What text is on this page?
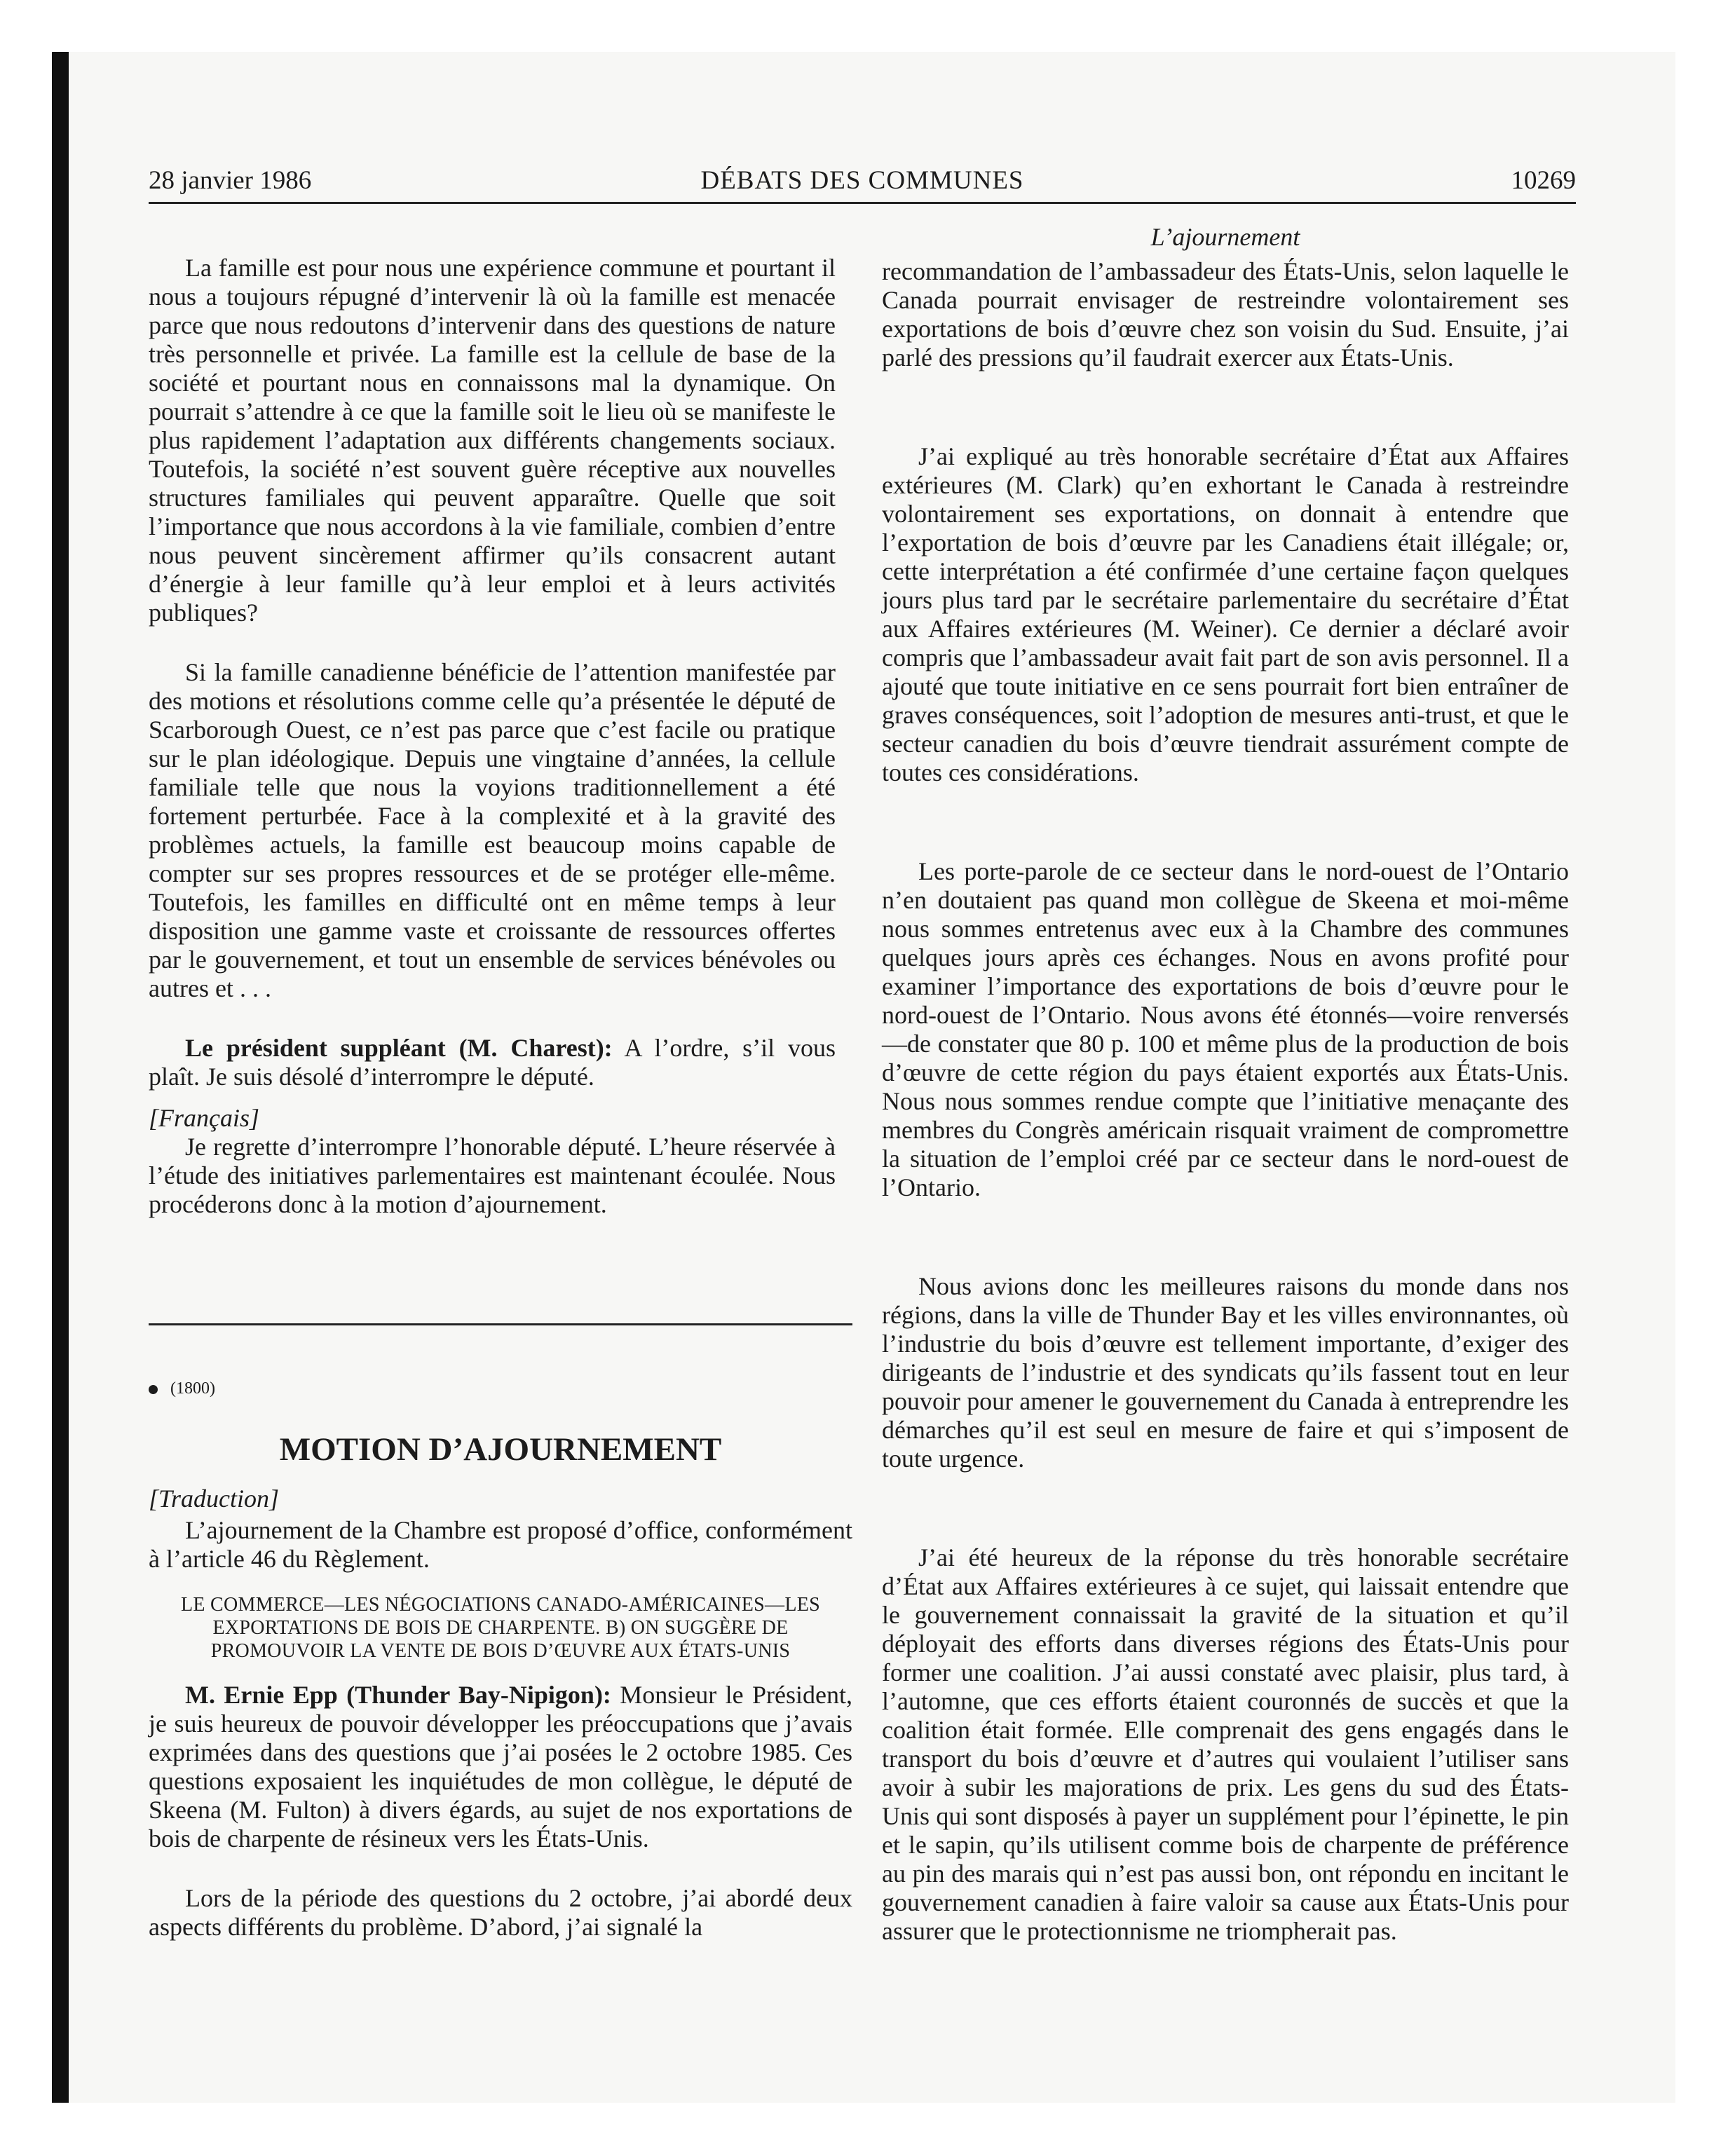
28 janvier 1986	DÉBATS DES COMMUNES	10269

La famille est pour nous une expérience commune et pourtant il nous a toujours répugné d’intervenir là où la famille est menacée parce que nous redoutons d’intervenir dans des questions de nature très personnelle et privée. La famille est la cellule de base de la société et pourtant nous en connaissons mal la dynamique. On pourrait s’attendre à ce que la famille soit le lieu où se manifeste le plus rapidement l’adaptation aux différents changements sociaux. Toutefois, la société n’est souvent guère réceptive aux nouvelles structures familiales qui peuvent apparaître. Quelle que soit l’importance que nous accordons à la vie familiale, combien d’entre nous peuvent sincèrement affirmer qu’ils consacrent autant d’énergie à leur famille qu’à leur emploi et à leurs activités publiques?

Si la famille canadienne bénéficie de l’attention manifestée par des motions et résolutions comme celle qu’a présentée le député de Scarborough Ouest, ce n’est pas parce que c’est facile ou pratique sur le plan idéologique. Depuis une vingtaine d’années, la cellule familiale telle que nous la voyions traditionnellement a été fortement perturbée. Face à la complexité et à la gravité des problèmes actuels, la famille est beaucoup moins capable de compter sur ses propres ressources et de se protéger elle-même. Toutefois, les familles en difficulté ont en même temps à leur disposition une gamme vaste et croissante de ressources offertes par le gouvernement, et tout un ensemble de services bénévoles ou autres et . . .

Le président suppléant (M. Charest): A l’ordre, s’il vous plaît. Je suis désolé d’interrompre le député.

[Français]

Je regrette d’interrompre l’honorable député. L’heure réservée à l’étude des initiatives parlementaires est maintenant écoulée. Nous procéderons donc à la motion d’ajournement.

(1800)
MOTION D’AJOURNEMENT

[Traduction]

L’ajournement de la Chambre est proposé d’office, conformément à l’article 46 du Règlement.

LE COMMERCE—LES NÉGOCIATIONS CANADO-AMÉRICAINES—LES EXPORTATIONS DE BOIS DE CHARPENTE. B) ON SUGGÈRE DE PROMOUVOIR LA VENTE DE BOIS D’ŒUVRE AUX ÉTATS-UNIS

M. Ernie Epp (Thunder Bay-Nipigon): Monsieur le Président, je suis heureux de pouvoir développer les préoccupations que j’avais exprimées dans des questions que j’ai posées le 2 octobre 1985. Ces questions exposaient les inquiétudes de mon collègue, le député de Skeena (M. Fulton) à divers égards, au sujet de nos exportations de bois de charpente de résineux vers les États-Unis.

Lors de la période des questions du 2 octobre, j’ai abordé deux aspects différents du problème. D’abord, j’ai signalé la

L’ajournement

recommandation de l’ambassadeur des États-Unis, selon laquelle le Canada pourrait envisager de restreindre volontairement ses exportations de bois d’œuvre chez son voisin du Sud. Ensuite, j’ai parlé des pressions qu’il faudrait exercer aux États-Unis.

J’ai expliqué au très honorable secrétaire d’État aux Affaires extérieures (M. Clark) qu’en exhortant le Canada à restreindre volontairement ses exportations, on donnait à entendre que l’exportation de bois d’œuvre par les Canadiens était illégale; or, cette interprétation a été confirmée d’une certaine façon quelques jours plus tard par le secrétaire parlementaire du secrétaire d’État aux Affaires extérieures (M. Weiner). Ce dernier a déclaré avoir compris que l’ambassadeur avait fait part de son avis personnel. Il a ajouté que toute initiative en ce sens pourrait fort bien entraîner de graves conséquences, soit l’adoption de mesures anti-trust, et que le secteur canadien du bois d’œuvre tiendrait assurément compte de toutes ces considérations.

Les porte-parole de ce secteur dans le nord-ouest de l’Ontario n’en doutaient pas quand mon collègue de Skeena et moi-même nous sommes entretenus avec eux à la Chambre des communes quelques jours après ces échanges. Nous en avons profité pour examiner l’importance des exportations de bois d’œuvre pour le nord-ouest de l’Ontario. Nous avons été étonnés—voire renversés—de constater que 80 p. 100 et même plus de la production de bois d’œuvre de cette région du pays étaient exportés aux États-Unis. Nous nous sommes rendue compte que l’initiative menaçante des membres du Congrès américain risquait vraiment de compromettre la situation de l’emploi créé par ce secteur dans le nord-ouest de l’Ontario.

Nous avions donc les meilleures raisons du monde dans nos régions, dans la ville de Thunder Bay et les villes environnantes, où l’industrie du bois d’œuvre est tellement importante, d’exiger des dirigeants de l’industrie et des syndicats qu’ils fassent tout en leur pouvoir pour amener le gouvernement du Canada à entreprendre les démarches qu’il est seul en mesure de faire et qui s’imposent de toute urgence.

J’ai été heureux de la réponse du très honorable secrétaire d’État aux Affaires extérieures à ce sujet, qui laissait entendre que le gouvernement connaissait la gravité de la situation et qu’il déployait des efforts dans diverses régions des États-Unis pour former une coalition. J’ai aussi constaté avec plaisir, plus tard, à l’automne, que ces efforts étaient couronnés de succès et que la coalition était formée. Elle comprenait des gens engagés dans le transport du bois d’œuvre et d’autres qui voulaient l’utiliser sans avoir à subir les majorations de prix. Les gens du sud des États-Unis qui sont disposés à payer un supplément pour l’épinette, le pin et le sapin, qu’ils utilisent comme bois de charpente de préférence au pin des marais qui n’est pas aussi bon, ont répondu en incitant le gouvernement canadien à faire valoir sa cause aux États-Unis pour assurer que le protectionnisme ne triompherait pas.
